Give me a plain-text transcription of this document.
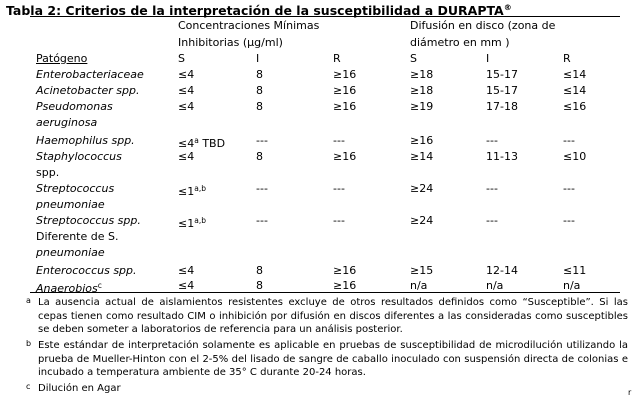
Tabla 2: Criterios de la interpretación de la susceptibilidad a DURAPTA®
Concentraciones Mínimas
Inhibitorias (μg/ml)
Difusión en disco (zona de
diámetro en mm )
Patógeno	S	I	R	S	I	R
Enterobacteriaceae	≤4	8	≥16	≥18	15-17	≤14
Acinetobacter spp.	≤4	8	≥16	≥18	15-17	≤14
Pseudomonas
aeruginosa
≤4	8	≥16	≥19	17-18	≤16
Haemophilus spp.	$\le 4^a$ TBD	---	---	≥16	---	---
Staphylococcus
spp.
≤4	8	≥16	≥14	11-13	≤10
Streptococcus
pneumoniae
$\le 1^{a,b}$	---	---	≥24	---	---
Streptococcus spp.
Diferente de S.
pneumoniae
$\le 1^{a,b}$	---	---	≥24	---	---
Enterococcus spp.	≤4	8	≥16	≥15	12-14	≤11
Anaerobios$^c$	≤4	8	≥16	n/a	n/a	n/a
a La ausencia actual de aislamientos resistentes excluye de otros resultados definidos como “Susceptible”. Si las cepas tienen como resultado CIM o inhibición por difusión en discos diferentes a las consideradas como susceptibles se deben someter a laboratorios de referencia para un análisis posterior.
b Este estándar de interpretación solamente es aplicable en pruebas de susceptibilidad de microdilución utilizando la prueba de Mueller-Hinton con el 2-5% del lisado de sangre de caballo inoculado con suspensión directa de colonias e incubado a temperatura ambiente de 35° C durante 20-24 horas.
c Dilución en Agar	r
